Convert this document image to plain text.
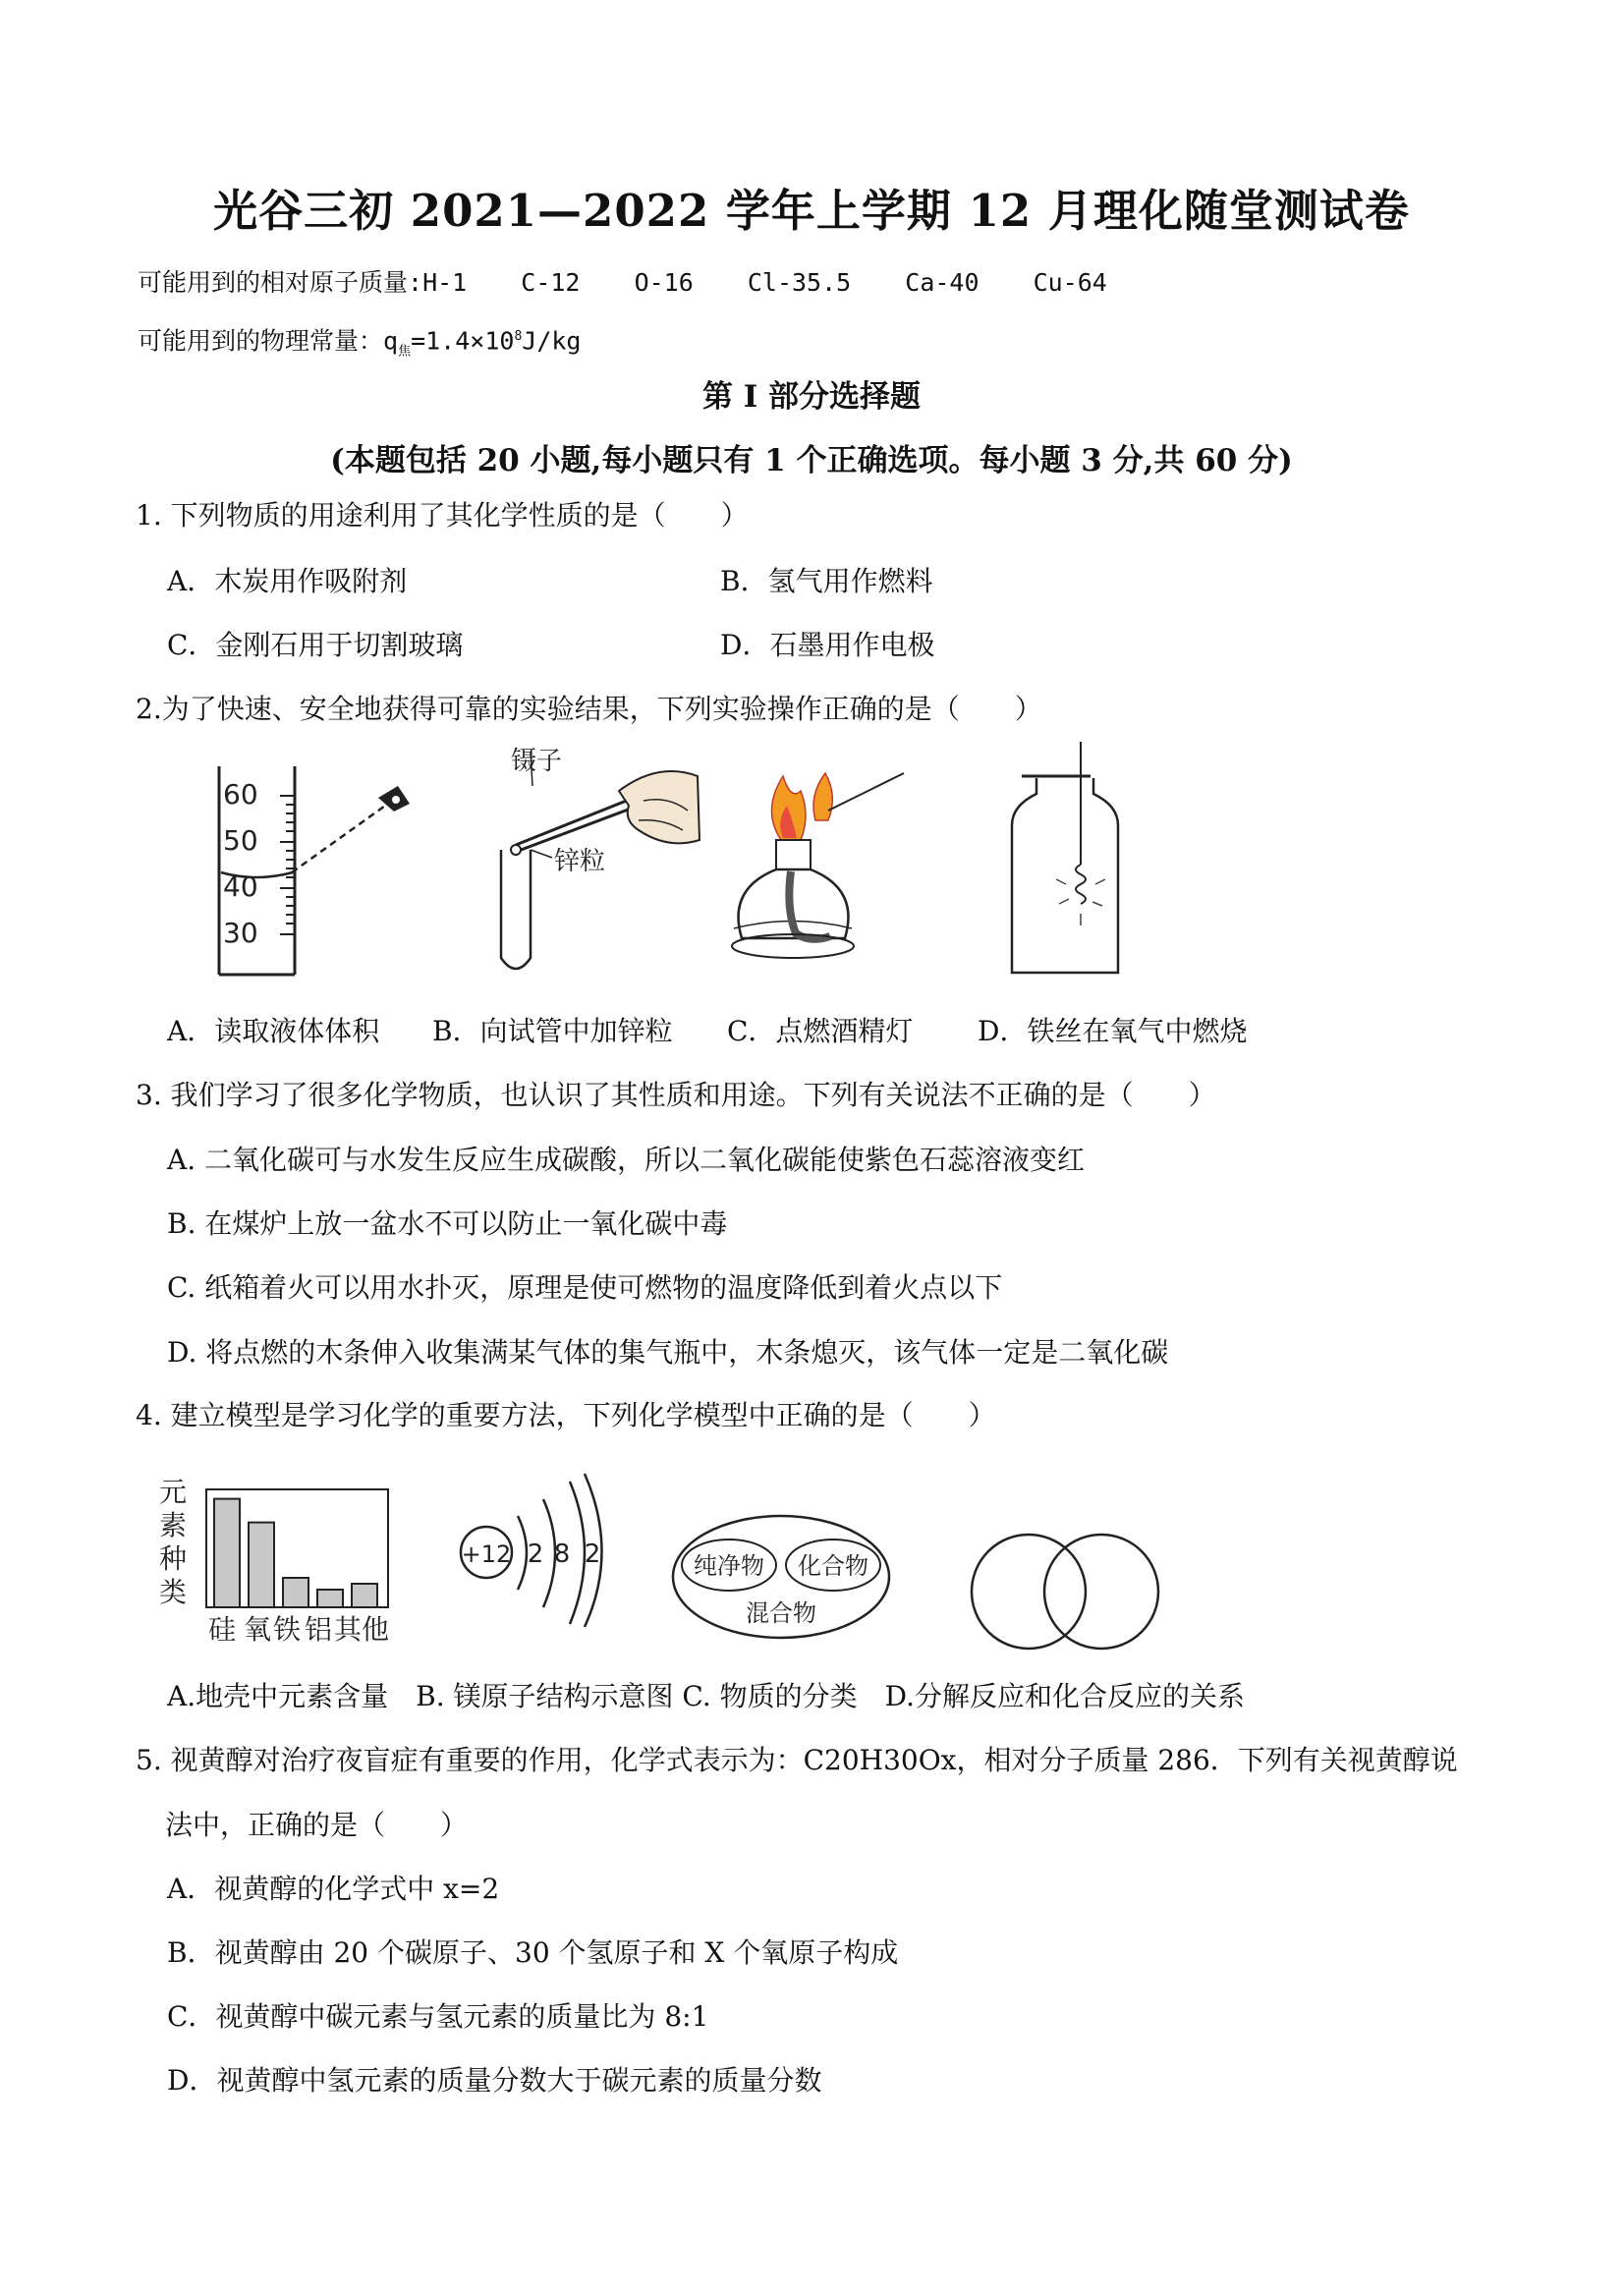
光谷三初 2021—2022 学年上学期 12 月理化随堂测试卷
可能用到的相对原子质量:H-1 C-12 O-16 Cl-35.5 Ca-40 Cu-64
可能用到的物理常量：$q_焦=1.4\times 10^8J/kg$
第 I 部分选择题
(本题包括 20 小题,每小题只有 1 个正确选项。每小题 3 分,共 60 分)
1. 下列物质的用途利用了其化学性质的是（　　）
A．木炭用作吸附剂	B．氢气用作燃料
C．金刚石用于切割玻璃	D．石墨用作电极
2.为了快速、安全地获得可靠的实验结果，下列实验操作正确的是（　　）
60
50
40
30
镊子
锌粒
A．读取液体体积 B．向试管中加锌粒 C．点燃酒精灯 D．铁丝在氧气中燃烧
3. 我们学习了很多化学物质，也认识了其性质和用途。下列有关说法不正确的是（　　）
A. 二氧化碳可与水发生反应生成碳酸，所以二氧化碳能使紫色石蕊溶液变红
B. 在煤炉上放一盆水不可以防止一氧化碳中毒
C. 纸箱着火可以用水扑灭，原理是使可燃物的温度降低到着火点以下
D. 将点燃的木条伸入收集满某气体的集气瓶中，木条熄灭，该气体一定是二氧化碳
4. 建立模型是学习化学的重要方法，下列化学模型中正确的是（　　）
元
素
种
类
硅 氧 铁 铝 其他
+12 2 8 2	纯净物 化合物
混合物
A.地壳中元素含量　B. 镁原子结构示意图 C. 物质的分类　D.分解反应和化合反应的关系
5. 视黄醇对治疗夜盲症有重要的作用，化学式表示为：C20H30Ox，相对分子质量 286．下列有关视黄醇说
法中，正确的是（　　）
A．视黄醇的化学式中 x=2
B．视黄醇由 20 个碳原子、30 个氢原子和 X 个氧原子构成
C．视黄醇中碳元素与氢元素的质量比为 8:1
D．视黄醇中氢元素的质量分数大于碳元素的质量分数
